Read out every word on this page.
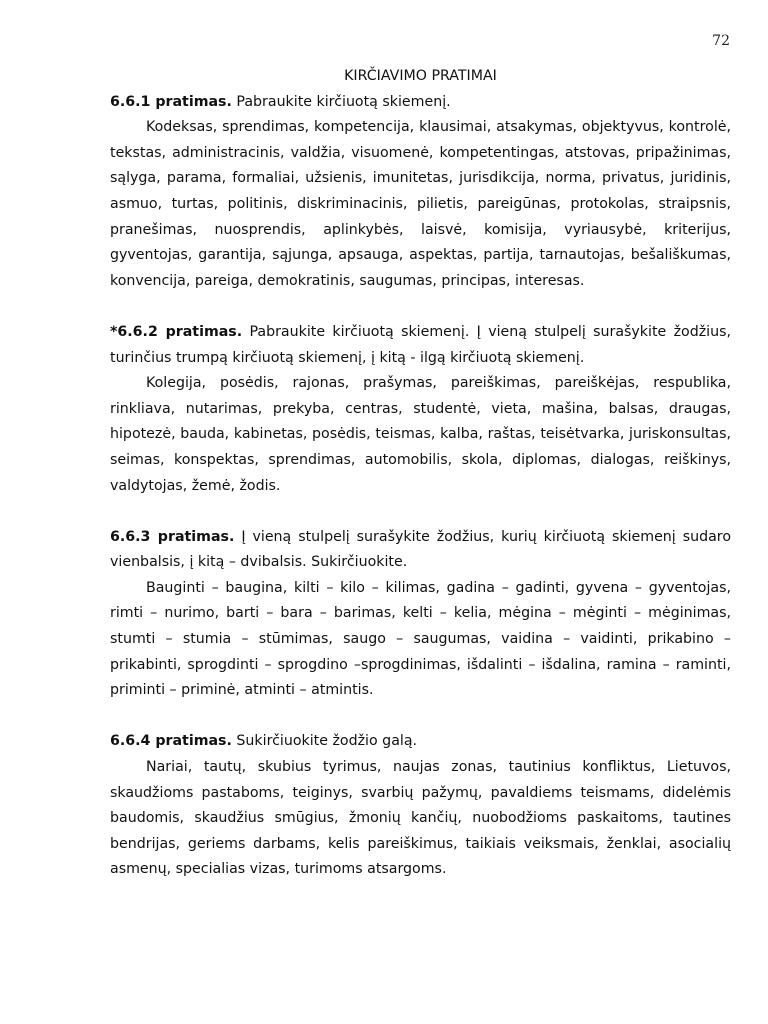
72

KIRČIAVIMO PRATIMAI

6.6.1 pratimas. Pabraukite kirčiuotą skiemenį.

Kodeksas, sprendimas, kompetencija, klausimai, atsakymas, objektyvus, kontrolė, tekstas, administracinis, valdžia, visuomenė, kompetentingas, atstovas, pripažinimas, sąlyga, parama, formaliai, užsienis, imunitetas, jurisdikcija, norma, privatus, juridinis, asmuo, turtas, politinis, diskriminacinis, pilietis, pareigūnas, protokolas, straipsnis, pranešimas, nuosprendis, aplinkybės, laisvė, komisija, vyriausybė, kriterijus, gyventojas, garantija, sąjunga, apsauga, aspektas, partija, tarnautojas, bešališkumas, konvencija, pareiga, demokratinis, saugumas, principas, interesas.

*6.6.2 pratimas. Pabraukite kirčiuotą skiemenį. Į vieną stulpelį surašykite žodžius, turinčius trumpą kirčiuotą skiemenį, į kitą - ilgą kirčiuotą skiemenį.

Kolegija, posėdis, rajonas, prašymas, pareiškimas, pareiškėjas, respublika, rinkliava, nutarimas, prekyba, centras, studentė, vieta, mašina, balsas, draugas, hipotezė, bauda, kabinetas, posėdis, teismas, kalba, raštas, teisėtvarka, juriskonsultas, seimas, konspektas, sprendimas, automobilis, skola, diplomas, dialogas, reiškinys, valdytojas, žemė, žodis.

6.6.3 pratimas. Į vieną stulpelį surašykite žodžius, kurių kirčiuotą skiemenį sudaro vienbalsis, į kitą – dvibalsis. Sukirčiuokite.

Bauginti – baugina, kilti – kilo – kilimas, gadina – gadinti, gyvena – gyventojas, rimti – nurimo, barti – bara – barimas, kelti – kelia, mėgina – mėginti – mėginimas, stumti – stumia – stūmimas, saugo – saugumas, vaidina – vaidinti, prikabino – prikabinti, sprogdinti – sprogdino –sprogdinimas, išdalinti – išdalina, ramina – raminti, priminti – priminė, atminti – atmintis.

6.6.4 pratimas. Sukirčiuokite žodžio galą.

Nariai, tautų, skubius tyrimus, naujas zonas, tautinius konfliktus, Lietuvos, skaudžioms pastaboms, teiginys, svarbių pažymų, pavaldiems teismams, didelėmis baudomis, skaudžius smūgius, žmonių kančių, nuobodžioms paskaitoms, tautines bendrijas, geriems darbams, kelis pareiškimus, taikiais veiksmais, ženklai, asocialių asmenų, specialias vizas, turimoms atsargoms.
